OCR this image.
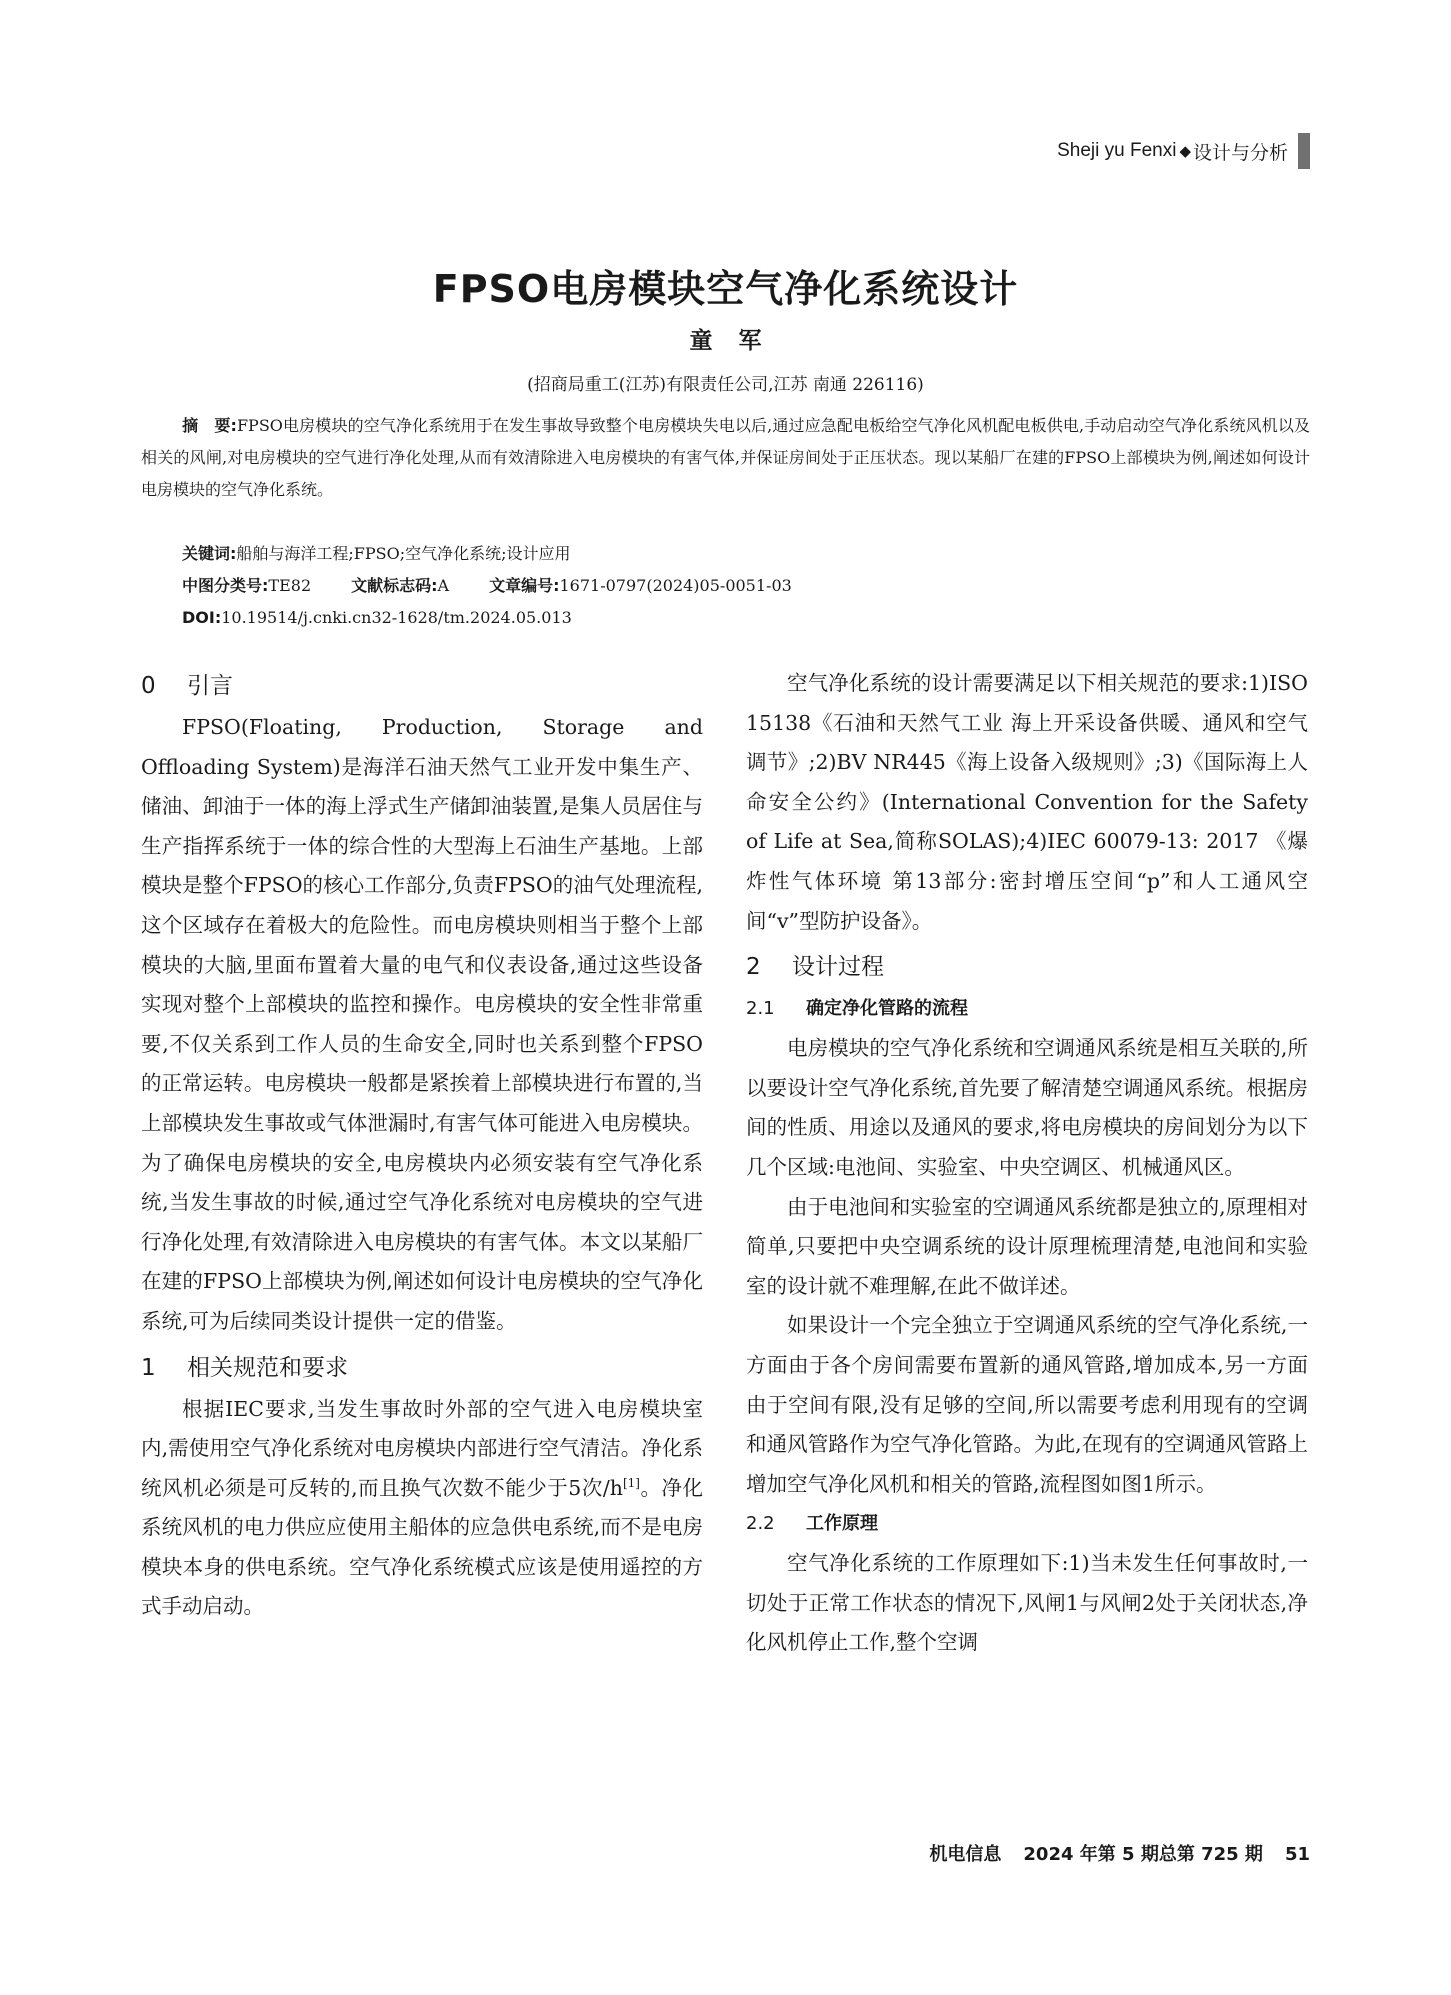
Sheji yu Fenxi ◆ 设计与分析
FPSO电房模块空气净化系统设计
童军
(招商局重工(江苏)有限责任公司,江苏 南通 226116)
摘　要:FPSO电房模块的空气净化系统用于在发生事故导致整个电房模块失电以后,通过应急配电板给空气净化风机配电板供电,手动启动空气净化系统风机以及相关的风闸,对电房模块的空气进行净化处理,从而有效清除进入电房模块的有害气体,并保证房间处于正压状态。现以某船厂在建的FPSO上部模块为例,阐述如何设计电房模块的空气净化系统。
关键词:船舶与海洋工程;FPSO;空气净化系统;设计应用
中图分类号:TE82	文献标志码:A	文章编号:1671-0797(2024)05-0051-03
DOI:10.19514/j.cnki.cn32-1628/tm.2024.05.013
0 引言

FPSO(Floating, Production, Storage and Offloading System)是海洋石油天然气工业开发中集生产、储油、卸油于一体的海上浮式生产储卸油装置,是集人员居住与生产指挥系统于一体的综合性的大型海上石油生产基地。上部模块是整个FPSO的核心工作部分,负责FPSO的油气处理流程,这个区域存在着极大的危险性。而电房模块则相当于整个上部模块的大脑,里面布置着大量的电气和仪表设备,通过这些设备实现对整个上部模块的监控和操作。电房模块的安全性非常重要,不仅关系到工作人员的生命安全,同时也关系到整个FPSO的正常运转。电房模块一般都是紧挨着上部模块进行布置的,当上部模块发生事故或气体泄漏时,有害气体可能进入电房模块。为了确保电房模块的安全,电房模块内必须安装有空气净化系统,当发生事故的时候,通过空气净化系统对电房模块的空气进行净化处理,有效清除进入电房模块的有害气体。本文以某船厂在建的FPSO上部模块为例,阐述如何设计电房模块的空气净化系统,可为后续同类设计提供一定的借鉴。

1 相关规范和要求

根据IEC要求,当发生事故时外部的空气进入电房模块室内,需使用空气净化系统对电房模块内部进行空气清洁。净化系统风机必须是可反转的,而且换气次数不能少于5次/h[1]。净化系统风机的电力供应应使用主船体的应急供电系统,而不是电房模块本身的供电系统。空气净化系统模式应该是使用遥控的方式手动启动。

空气净化系统的设计需要满足以下相关规范的要求:1)ISO 15138《石油和天然气工业 海上开采设备供暖、通风和空气调节》;2)BV NR445《海上设备入级规则》;3)《国际海上人命安全公约》(International Convention for the Safety of Life at Sea,简称SOLAS);4)IEC 60079-13: 2017 《爆炸性气体环境 第13部分:密封增压空间“p”和人工通风空间“v”型防护设备》。

2 设计过程
2.1 确定净化管路的流程

电房模块的空气净化系统和空调通风系统是相互关联的,所以要设计空气净化系统,首先要了解清楚空调通风系统。根据房间的性质、用途以及通风的要求,将电房模块的房间划分为以下几个区域:电池间、实验室、中央空调区、机械通风区。

由于电池间和实验室的空调通风系统都是独立的,原理相对简单,只要把中央空调系统的设计原理梳理清楚,电池间和实验室的设计就不难理解,在此不做详述。

如果设计一个完全独立于空调通风系统的空气净化系统,一方面由于各个房间需要布置新的通风管路,增加成本,另一方面由于空间有限,没有足够的空间,所以需要考虑利用现有的空调和通风管路作为空气净化管路。为此,在现有的空调通风管路上增加空气净化风机和相关的管路,流程图如图1所示。

2.2 工作原理

空气净化系统的工作原理如下:1)当未发生任何事故时,一切处于正常工作状态的情况下,风闸1与风闸2处于关闭状态,净化风机停止工作,整个空调

机电信息 2024 年第 5 期总第 725 期 51
